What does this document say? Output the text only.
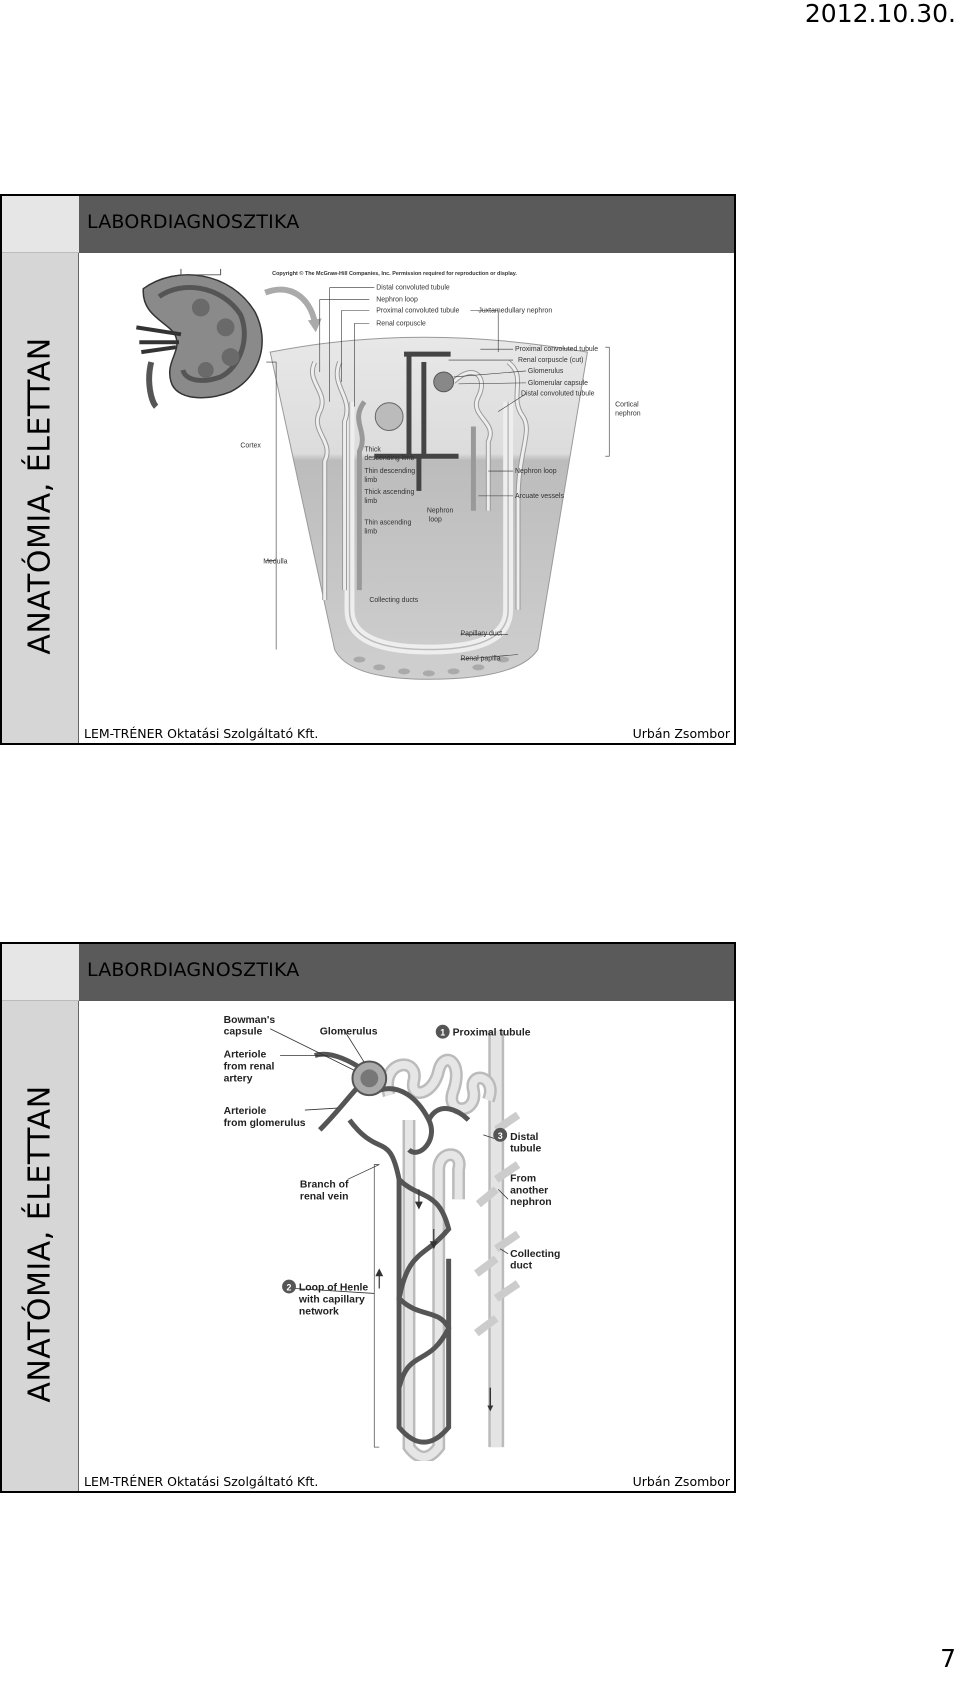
2012.10.30.
ANATÓMIA, ÉLETTAN
LABORDIAGNOSZTIKA
Copyright © The McGraw-Hill Companies, Inc. Permission required for reproduction or display.
Distal convoluted tubule
Nephron loop
Proximal convoluted tubule
Renal corpuscle
Juxtamedullary nephron
Proximal convoluted tubule
Renal corpuscle (cut)
Glomerulus
Glomerular capsule
Distal convoluted tubule
Cortical
nephron
Cortex
Thick
descending limb
Thin descending
limb
Thick ascending
limb
Thin ascending
limb
Nephron
loop
Nephron loop
Arcuate vessels
Medulla
Collecting ducts
Papillary duct
Renal papilla
LEM-TRÉNER Oktatási Szolgáltató Kft.	Urbán Zsombor
ANATÓMIA, ÉLETTAN
LABORDIAGNOSZTIKA
Bowman's
capsule	Glomerulus	1 Proximal tubule
Arteriole
from renal
artery
Arteriole
from glomerulus
3 Distal
tubule
Branch of
renal vein
From
another
nephron
Collecting
duct
2 Loop of Henle
with capillary
network
LEM-TRÉNER Oktatási Szolgáltató Kft.	Urbán Zsombor
7
